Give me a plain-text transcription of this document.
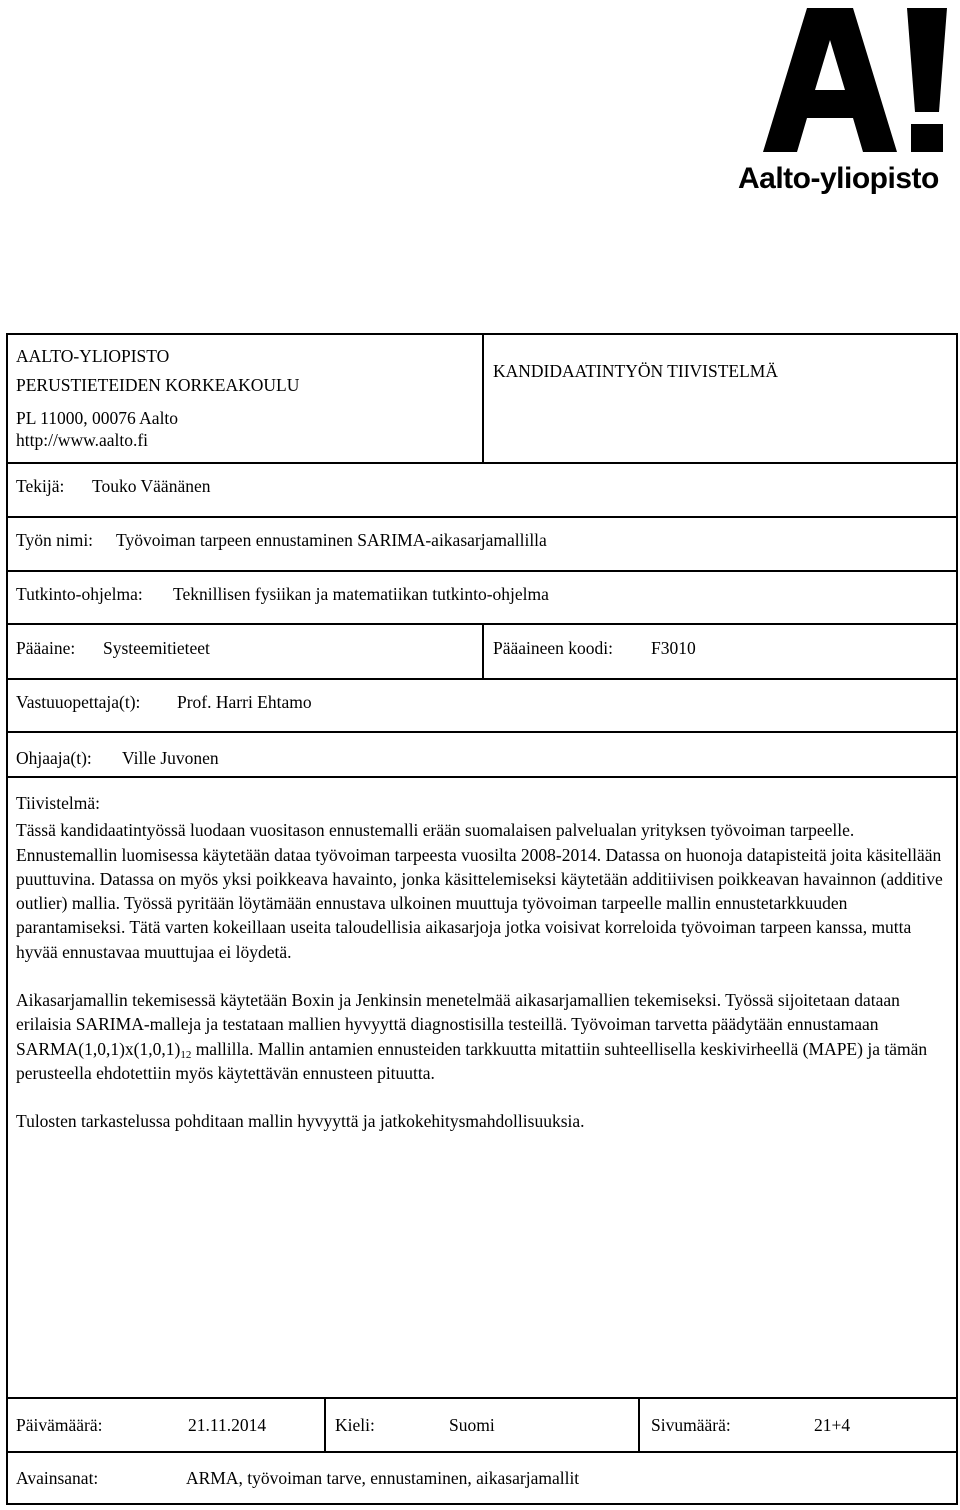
Aalto-yliopisto
AALTO-YLIOPISTO
PERUSTIETEIDEN KORKEAKOULU
PL 11000, 00076 Aalto
http://www.aalto.fi
KANDIDAATINTYÖN TIIVISTELMÄ
Tekijä: Touko Väänänen
Työn nimi: Työvoiman tarpeen ennustaminen SARIMA-aikasarjamallilla
Tutkinto-ohjelma: Teknillisen fysiikan ja matematiikan tutkinto-ohjelma
Pääaine: Systeemitieteet	Pääaineen koodi: F3010
Vastuuopettaja(t): Prof. Harri Ehtamo
Ohjaaja(t): Ville Juvonen

Tiivistelmä:

Tässä kandidaatintyössä luodaan vuositason ennustemalli erään suomalaisen palvelualan yrityksen työvoiman tarpeelle. Ennustemallin luomisessa käytetään dataa työvoiman tarpeesta vuosilta 2008-2014. Datassa on huonoja datapisteitä joita käsitellään puuttuvina. Datassa on myös yksi poikkeava havainto, jonka käsittelemiseksi käytetään additiivisen poikkeavan havainnon (additive outlier) mallia. Työssä pyritään löytämään ennustava ulkoinen muuttuja työvoiman tarpeelle mallin ennustetarkkuuden parantamiseksi. Tätä varten kokeillaan useita taloudellisia aikasarjoja jotka voisivat korreloida työvoiman tarpeen kanssa, mutta hyvää ennustavaa muuttujaa ei löydetä.

Aikasarjamallin tekemisessä käytetään Boxin ja Jenkinsin menetelmää aikasarjamallien tekemiseksi. Työssä sijoitetaan dataan erilaisia SARIMA-malleja ja testataan mallien hyvyyttä diagnostisilla testeillä. Työvoiman tarvetta päädytään ennustamaan $SARMA(1,0,1)x(1,0,1)_{12}$ mallilla. Mallin antamien ennusteiden tarkkuutta mitattiin suhteellisella keskivirheellä (MAPE) ja tämän perusteella ehdotettiin myös käytettävän ennusteen pituutta.

Tulosten tarkastelussa pohditaan mallin hyvyyttä ja jatkokehitysmahdollisuuksia.

Päivämäärä:	21.11.2014	Kieli:	Suomi	Sivumäärä:	21+4
Avainsanat:	ARMA, työvoiman tarve, ennustaminen, aikasarjamallit
